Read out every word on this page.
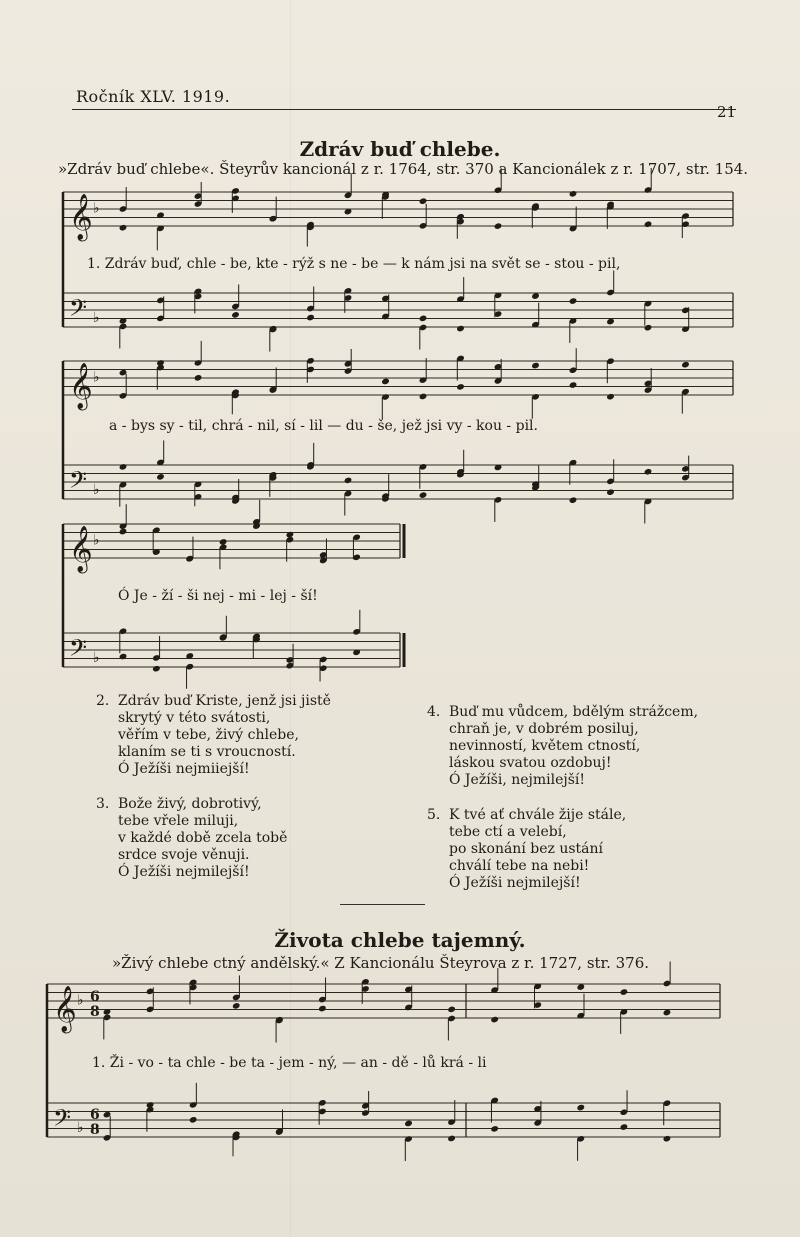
Ročník XLV. 1919.
21
Zdráv buď chlebe.
»Zdráv buď chlebe«. Šteyrův kancionál z r. 1764, str. 370 a Kancionálek z r. 1707, str. 154.
𝄞
𝄢
♭
♭
𝄞
𝄢
♭
♭
𝄞
𝄢
♭
♭
𝄞
𝄢
♭
♭
6
8
6
8
1. Zdráv buď, chle - be, kte - rýž s ne - be — k nám jsi na svět se - stou - pil,
a - bys sy - til, chrá - nil, sí - lil — du - še, jež jsi vy - kou - pil.
Ó Je - ží - ši nej - mi - lej - ší!
2. Zdráv buď Kriste, jenž jsi jistě
skrytý v této svátosti,
věřím v tebe, živý chlebe,
klaním se ti s vroucností.
Ó Ježíši nejmiiejší!
3. Bože živý, dobrotivý,
tebe vřele miluji,
v každé době zcela tobě
srdce svoje věnuji.
Ó Ježíši nejmilejší!
4. Buď mu vůdcem, bdělým strážcem,
chraň je, v dobrém posiluj,
nevinností, květem ctností,
láskou svatou ozdobuj!
Ó Ježíši, nejmilejší!
5. K tvé ať chvále žije stále,
tebe ctí a velebí,
po skonání bez ustání
chválí tebe na nebi!
Ó Ježíši nejmilejší!
Života chlebe tajemný.
»Živý chlebe ctný andělský.« Z Kancionálu Šteyrova z r. 1727, str. 376.
1. Ži - vo - ta chle - be ta - jem - ný, — an - dě - lů krá - li
